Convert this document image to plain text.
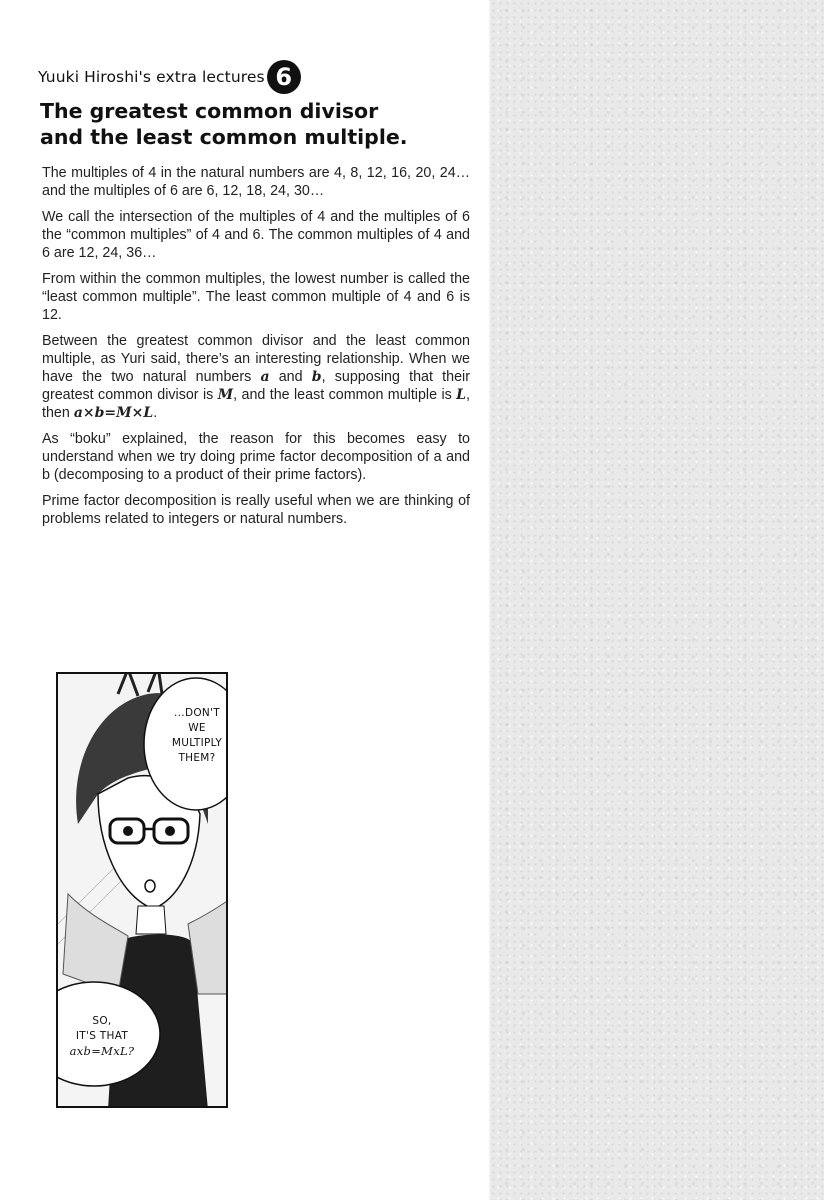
Yuuki Hiroshi's extra lectures 6
The greatest common divisor
and the least common multiple.

The multiples of 4 in the natural numbers are 4, 8, 12, 16, 20, 24… and the multiples of 6 are 6, 12, 18, 24, 30…

We call the intersection of the multiples of 4 and the multiples of 6 the “common multiples” of 4 and 6. The common multiples of 4 and 6 are 12, 24, 36…

From within the common multiples, the lowest number is called the “least common multiple”. The least common multiple of 4 and 6 is 12.

Between the greatest common divisor and the least common multiple, as Yuri said, there’s an interesting relationship. When we have the two natural numbers a and b, supposing that their greatest common divisor is M, and the least common multiple is L, then a×b=M×L.

As “boku” explained, the reason for this becomes easy to understand when we try doing prime factor decomposition of a and b (decomposing to a product of their prime factors).

Prime factor decomposition is really useful when we are thinking of problems related to integers or natural numbers.

...DON'T
WE
MULTIPLY
THEM?
SO,
IT'S THAT
axb=MxL?
